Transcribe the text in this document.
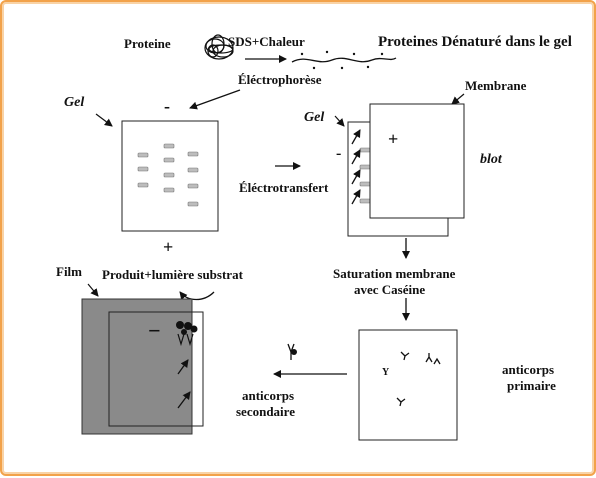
Proteine	SDS+Chaleur	Proteines Dénaturé dans le gel
Éléctrophorèse
Gel	-
+
Éléctrotransfert
Gel
-
+
Membrane
blot
Saturation membrane
avec Caséine
Y	anticorps
primaire
anticorps
secondaire
Film Produit+lumière substrat
−
